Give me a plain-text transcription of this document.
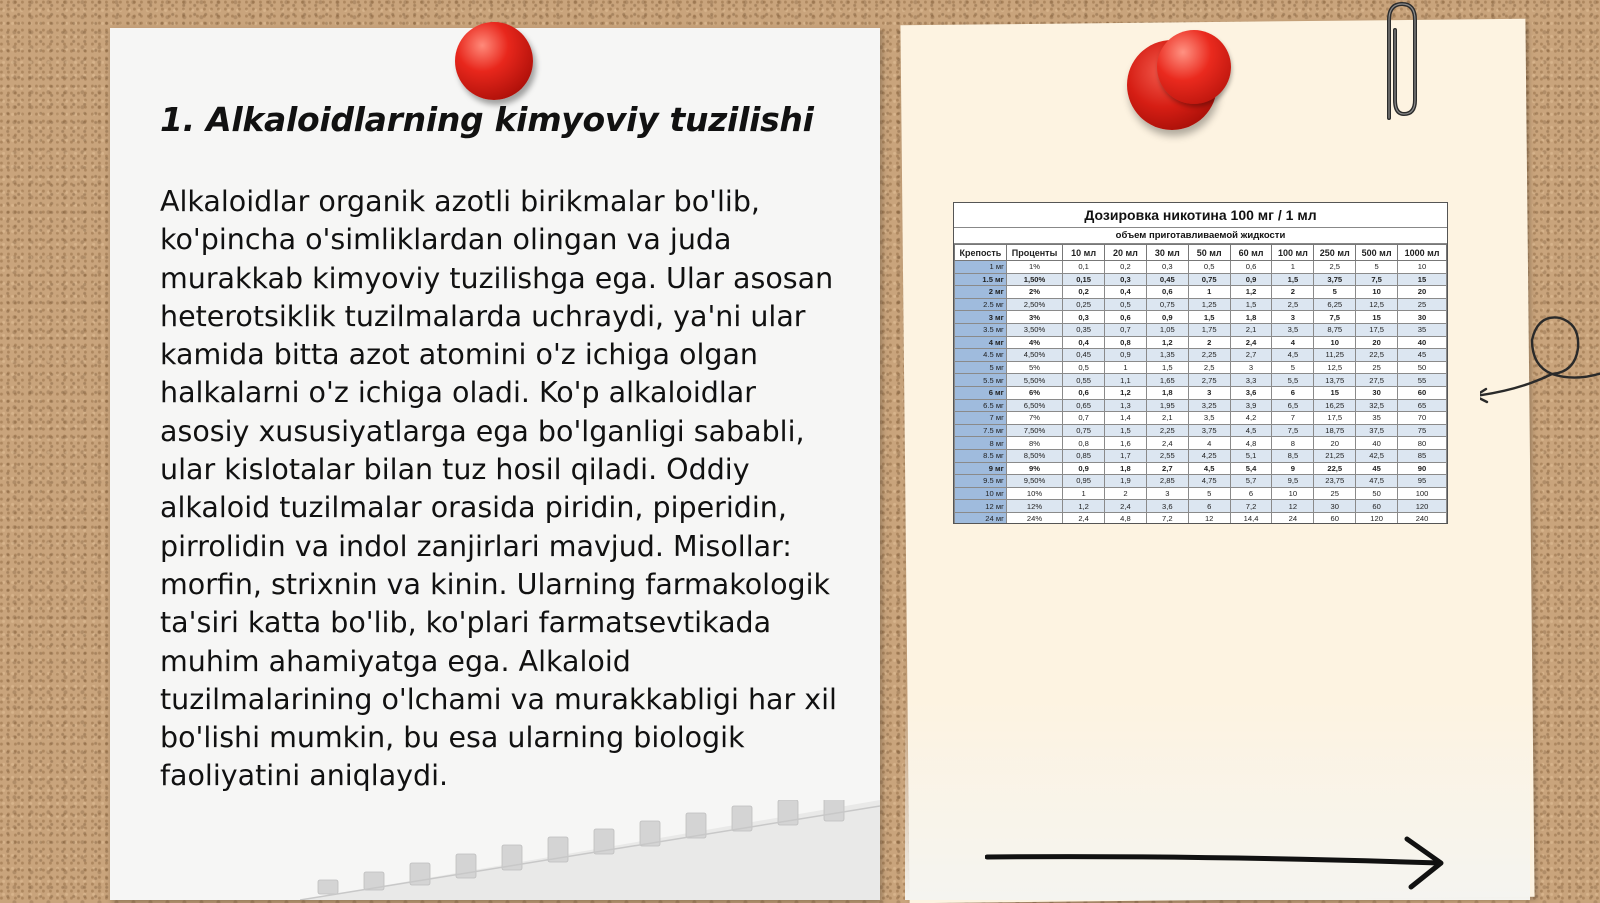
1. Alkaloidlarning kimyoviy tuzilishi

Alkaloidlar organik azotli birikmalar bo'lib, ko'pincha o'simliklardan olingan va juda murakkab kimyoviy tuzilishga ega. Ular asosan heterotsiklik tuzilmalarda uchraydi, ya'ni ular kamida bitta azot atomini o'z ichiga olgan halkalarni o'z ichiga oladi. Ko'p alkaloidlar asosiy xususiyatlarga ega bo'lganligi sababli, ular kislotalar bilan tuz hosil qiladi. Oddiy alkaloid tuzilmalar orasida piridin, piperidin, pirrolidin va indol zanjirlari mavjud. Misollar: morfin, strixnin va kinin. Ularning farmakologik ta'siri katta bo'lib, ko'plari farmatsevtikada muhim ahamiyatga ega. Alkaloid tuzilmalarining o'lchami va murakkabligi har xil bo'lishi mumkin, bu esa ularning biologik faoliyatini aniqlaydi.

Дозировка никотина 100 мг / 1 мл
объем приготавливаемой жидкости
Крепость	Проценты	10 мл	20 мл	30 мл	50 мл	60 мл	100 мл	250 мл	500 мл	1000 мл
1 мг	1%	0,1	0,2	0,3	0,5	0,6	1	2,5	5	10
1.5 мг	1,50%	0,15	0,3	0,45	0,75	0,9	1,5	3,75	7,5	15
2 мг	2%	0,2	0,4	0,6	1	1,2	2	5	10	20
2.5 мг	2,50%	0,25	0,5	0,75	1,25	1,5	2,5	6,25	12,5	25
3 мг	3%	0,3	0,6	0,9	1,5	1,8	3	7,5	15	30
3.5 мг	3,50%	0,35	0,7	1,05	1,75	2,1	3,5	8,75	17,5	35
4 мг	4%	0,4	0,8	1,2	2	2,4	4	10	20	40
4.5 мг	4,50%	0,45	0,9	1,35	2,25	2,7	4,5	11,25	22,5	45
5 мг	5%	0,5	1	1,5	2,5	3	5	12,5	25	50
5.5 мг	5,50%	0,55	1,1	1,65	2,75	3,3	5,5	13,75	27,5	55
6 мг	6%	0,6	1,2	1,8	3	3,6	6	15	30	60
6.5 мг	6,50%	0,65	1,3	1,95	3,25	3,9	6,5	16,25	32,5	65
7 мг	7%	0,7	1,4	2,1	3,5	4,2	7	17,5	35	70
7.5 мг	7,50%	0,75	1,5	2,25	3,75	4,5	7,5	18,75	37,5	75
8 мг	8%	0,8	1,6	2,4	4	4,8	8	20	40	80
8.5 мг	8,50%	0,85	1,7	2,55	4,25	5,1	8,5	21,25	42,5	85
9 мг	9%	0,9	1,8	2,7	4,5	5,4	9	22,5	45	90
9.5 мг	9,50%	0,95	1,9	2,85	4,75	5,7	9,5	23,75	47,5	95
10 мг	10%	1	2	3	5	6	10	25	50	100
12 мг	12%	1,2	2,4	3,6	6	7,2	12	30	60	120
24 мг	24%	2,4	4,8	7,2	12	14,4	24	60	120	240
